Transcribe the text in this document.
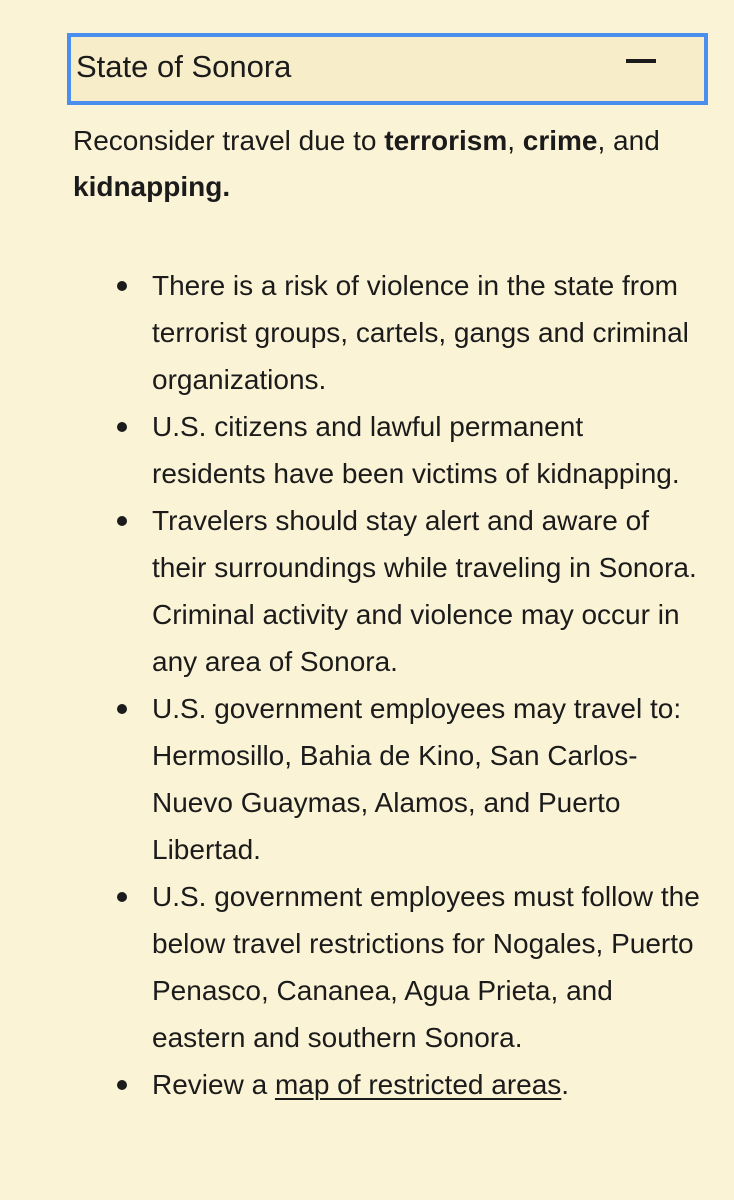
State of Sonora
Reconsider travel due to terrorism, crime, and
kidnapping.
There is a risk of violence in the state from terrorist groups, cartels, gangs and criminal organizations.
U.S. citizens and lawful permanent residents have been victims of kidnapping.
Travelers should stay alert and aware of their surroundings while traveling in Sonora. Criminal activity and violence may occur in any area of Sonora.
U.S. government employees may travel to: Hermosillo, Bahia de Kino, San Carlos-Nuevo Guaymas, Alamos, and Puerto Libertad.
U.S. government employees must follow the below travel restrictions for Nogales, Puerto Penasco, Cananea, Agua Prieta, and eastern and southern Sonora.
Review a map of restricted areas.
